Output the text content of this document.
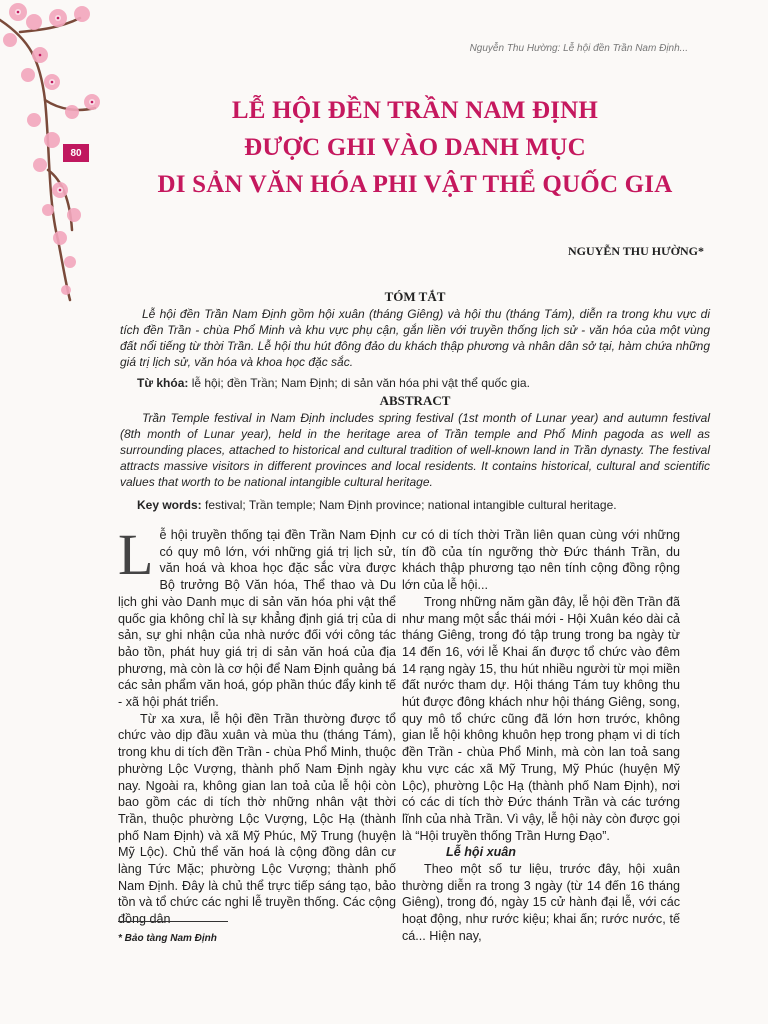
Nguyễn Thu Hường: Lễ hội đền Trần Nam Định...
80
LỄ HỘI ĐỀN TRẦN NAM ĐỊNH
ĐƯỢC GHI VÀO DANH MỤC
DI SẢN VĂN HÓA PHI VẬT THỂ QUỐC GIA
NGUYỄN THU HƯỜNG*
TÓM TẮT

Lễ hội đền Trần Nam Định gồm hội xuân (tháng Giêng) và hội thu (tháng Tám), diễn ra trong khu vực di tích đền Trần - chùa Phổ Minh và khu vực phụ cận, gắn liền với truyền thống lịch sử - văn hóa của một vùng đất nổi tiếng từ thời Trần. Lễ hội thu hút đông đảo du khách thập phương và nhân dân sở tại, hàm chứa những giá trị lịch sử, văn hóa và khoa học đặc sắc.

Từ khóa: lễ hội; đền Trần; Nam Định; di sản văn hóa phi vật thể quốc gia.
ABSTRACT

Trần Temple festival in Nam Định includes spring festival (1st month of Lunar year) and autumn festival (8th month of Lunar year), held in the heritage area of Trần temple and Phổ Minh pagoda as well as surrounding places, attached to historical and cultural tradition of well-known land in Trần dynasty. The festival attracts massive visitors in different provinces and local residents. It contains historical, cultural and scientific values that worth to be national intangible cultural heritage.

Key words: festival; Trần temple; Nam Định province; national intangible cultural heritage.

Lễ hội truyền thống tại đền Trần Nam Định có quy mô lớn, với những giá trị lịch sử, văn hoá và khoa học đặc sắc vừa được Bộ trưởng Bộ Văn hóa, Thể thao và Du lịch ghi vào Danh mục di sản văn hóa phi vật thể quốc gia không chỉ là sự khẳng định giá trị của di sản, sự ghi nhận của nhà nước đối với công tác bảo tồn, phát huy giá trị di sản văn hoá của địa phương, mà còn là cơ hội để Nam Định quảng bá các sản phẩm văn hoá, góp phần thúc đẩy kinh tế - xã hội phát triển.

Từ xa xưa, lễ hội đền Trần thường được tổ chức vào dịp đầu xuân và mùa thu (tháng Tám), trong khu di tích đền Trần - chùa Phổ Minh, thuộc phường Lộc Vượng, thành phố Nam Định ngày nay. Ngoài ra, không gian lan toả của lễ hội còn bao gồm các di tích thờ những nhân vật thời Trần, thuộc phường Lộc Vượng, Lộc Hạ (thành phố Nam Định) và xã Mỹ Phúc, Mỹ Trung (huyện Mỹ Lộc). Chủ thể văn hoá là cộng đồng dân cư làng Tức Mặc; phường Lộc Vượng; thành phố Nam Định. Đây là chủ thể trực tiếp sáng tạo, bảo tồn và tổ chức các nghi lễ truyền thống. Các cộng đồng dân

cư có di tích thời Trần liên quan cùng với những tín đồ của tín ngưỡng thờ Đức thánh Trần, du khách thập phương tạo nên tính cộng đồng rộng lớn của lễ hội...

Trong những năm gần đây, lễ hội đền Trần đã như mang một sắc thái mới - Hội Xuân kéo dài cả tháng Giêng, trong đó tập trung trong ba ngày từ 14 đến 16, với lễ Khai ấn được tổ chức vào đêm 14 rạng ngày 15, thu hút nhiều người từ mọi miền đất nước tham dự. Hội tháng Tám tuy không thu hút được đông khách như hội tháng Giêng, song, quy mô tổ chức cũng đã lớn hơn trước, không gian lễ hội không khuôn hẹp trong phạm vi di tích đền Trần - chùa Phổ Minh, mà còn lan toả sang khu vực các xã Mỹ Trung, Mỹ Phúc (huyện Mỹ Lộc), phường Lộc Hạ (thành phố Nam Định), nơi có các di tích thờ Đức thánh Trần và các tướng lĩnh của nhà Trần. Vì vậy, lễ hội này còn được gọi là “Hội truyền thống Trần Hưng Đạo”.

Lễ hội xuân

Theo một số tư liệu, trước đây, hội xuân thường diễn ra trong 3 ngày (từ 14 đến 16 tháng Giêng), trong đó, ngày 15 cử hành đại lễ, với các hoạt động, như rước kiệu; khai ấn; rước nước, tế cá... Hiện nay,

* Bảo tàng Nam Định
